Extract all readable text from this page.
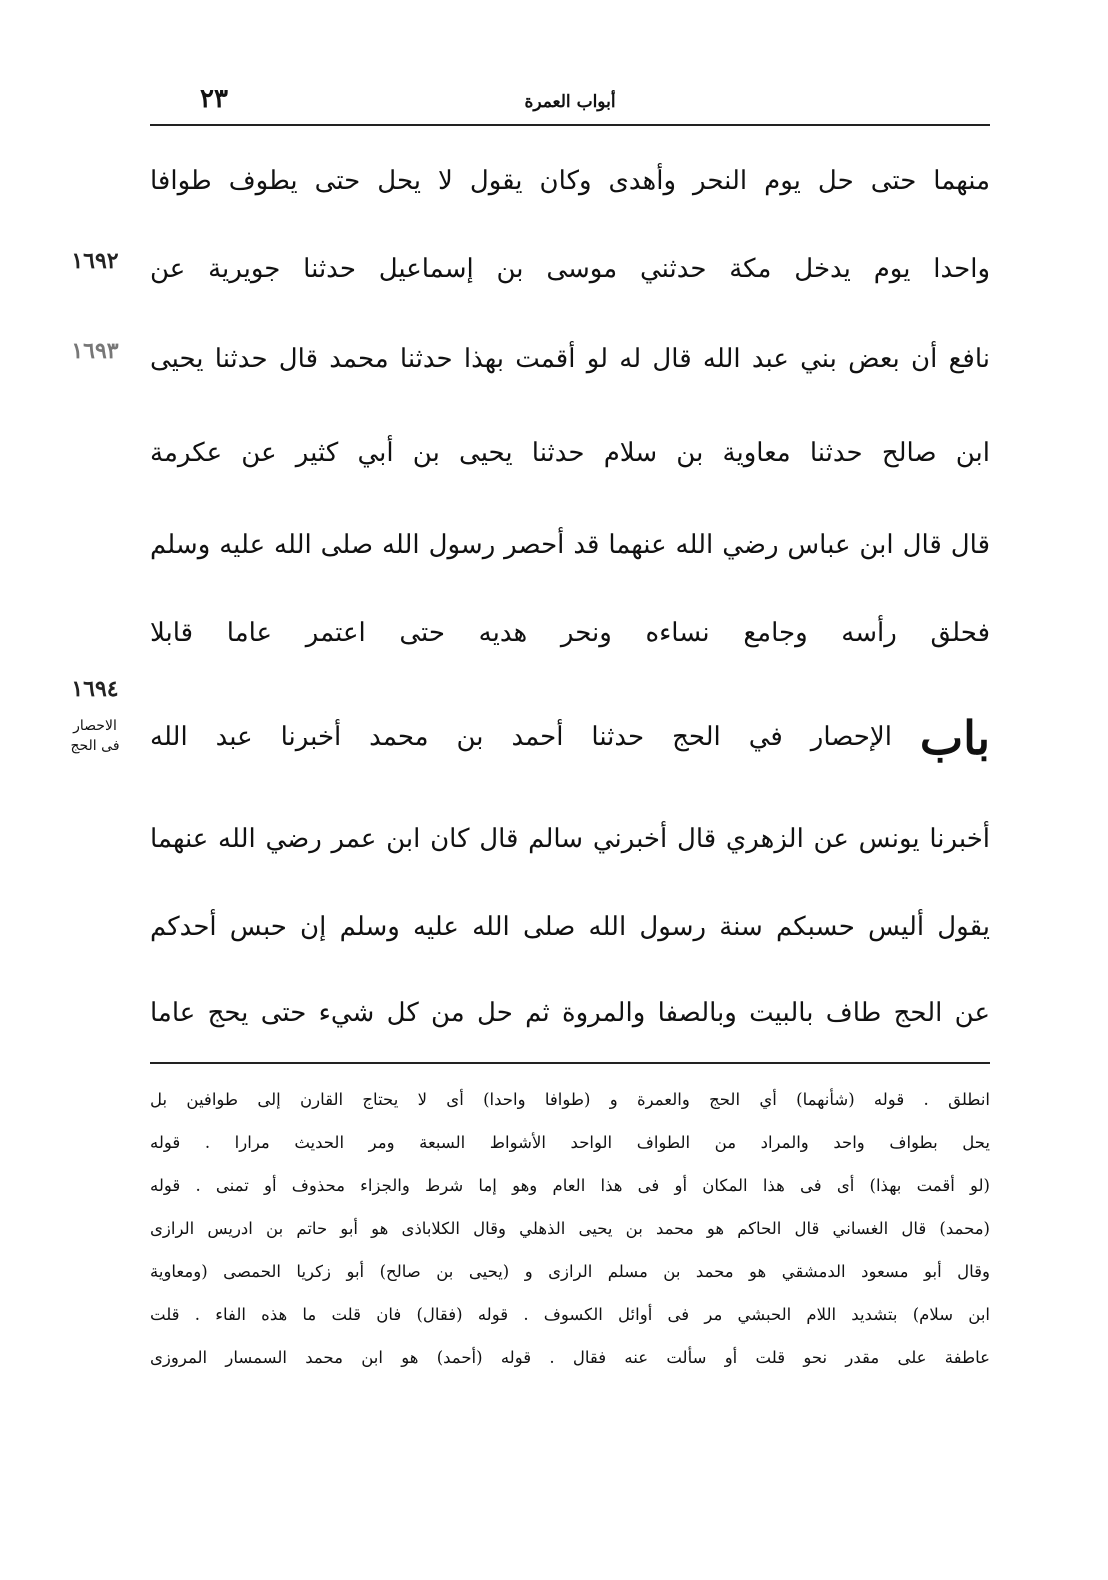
٢٣	أبواب العمرة
١٦٩٢
١٦٩٣
١٦٩٤
الاحصار
فى الحج
منهما حتى حل يوم النحر وأهدى وكان يقول لا يحل حتى يطوف طوافا
واحدا يوم يدخل مكة حدثني موسى بن إسماعيل حدثنا جويرية عن
نافع أن بعض بني عبد الله قال له لو أقمت بهذا حدثنا محمد قال حدثنا يحيى
ابن صالح حدثنا معاوية بن سلام حدثنا يحيى بن أبي كثير عن عكرمة
قال قال ابن عباس رضي الله عنهما قد أحصر رسول الله صلى الله عليه وسلم
فحلق رأسه وجامع نساءه ونحر هديه حتى اعتمر عاما قابلا
باب الإحصار في الحج حدثنا أحمد بن محمد أخبرنا عبد الله
أخبرنا يونس عن الزهري قال أخبرني سالم قال كان ابن عمر رضي الله عنهما
يقول أليس حسبكم سنة رسول الله صلى الله عليه وسلم إن حبس أحدكم
عن الحج طاف بالبيت وبالصفا والمروة ثم حل من كل شيء حتى يحج عاما
انطلق . قوله (شأنهما) أي الحج والعمرة و (طوافا واحدا) أى لا يحتاج القارن إلى طوافين بل
يحل بطواف واحد والمراد من الطواف الواحد الأشواط السبعة ومر الحديث مرارا . قوله
(لو أقمت بهذا) أى فى هذا المكان أو فى هذا العام وهو إما شرط والجزاء محذوف أو تمنى . قوله
(محمد) قال الغساني قال الحاكم هو محمد بن يحيى الذهلي وقال الكلاباذى هو أبو حاتم بن ادريس الرازى
وقال أبو مسعود الدمشقي هو محمد بن مسلم الرازى و (يحيى بن صالح) أبو زكريا الحمصى (ومعاوية
ابن سلام) بتشديد اللام الحبشي مر فى أوائل الكسوف . قوله (فقال) فان قلت ما هذه الفاء . قلت
عاطفة على مقدر نحو قلت أو سألت عنه فقال . قوله (أحمد) هو ابن محمد السمسار المروزى
